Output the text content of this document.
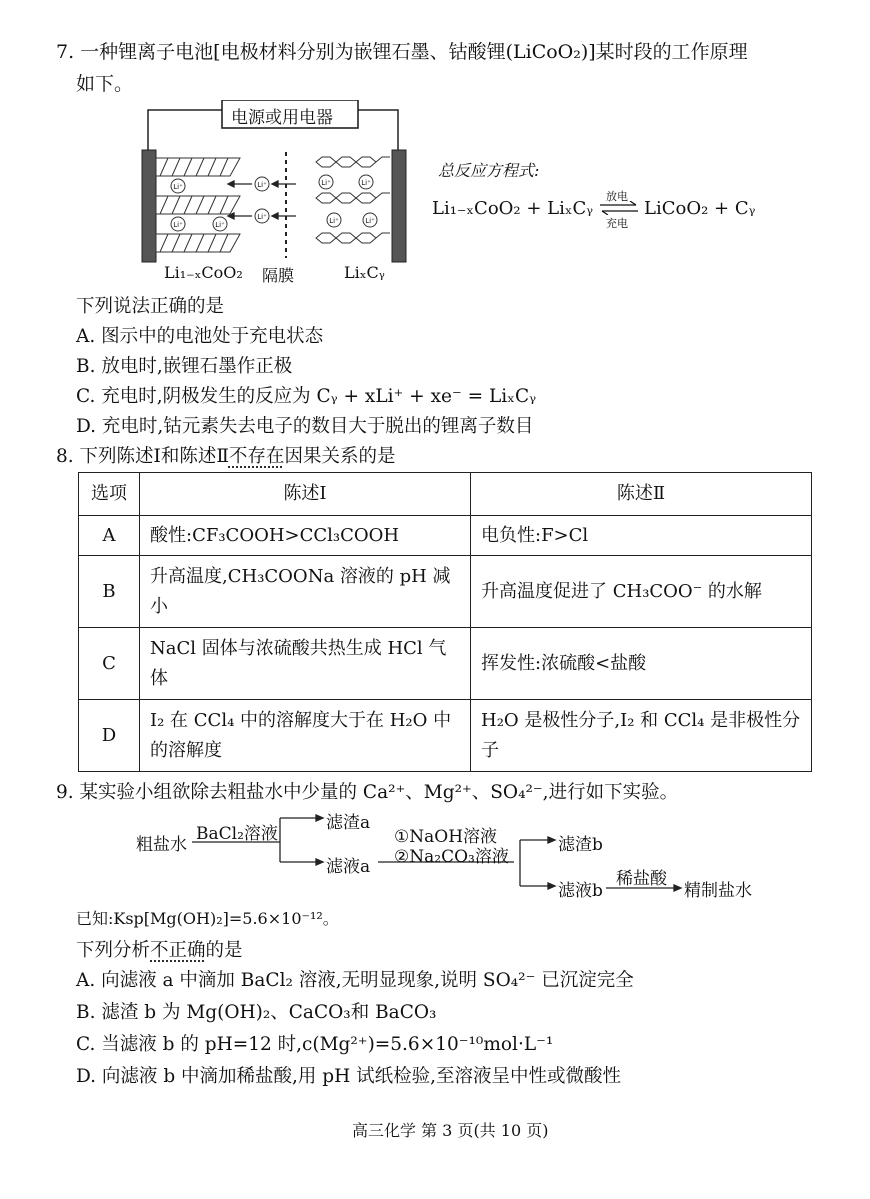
7. 一种锂离子电池[电极材料分别为嵌锂石墨、钴酸锂(LiCoO₂)]某时段的工作原理
如下。
Li⁺
Li⁺	Li⁺
Li⁺
Li⁺
Li⁺	Li⁺
Li⁺	Li⁺
电源或用电器
Li₁₋ₓCoO₂ 隔膜	LiₓCᵧ
总反应方程式:
Li₁₋ₓCoO₂ + LiₓCᵧ
放电
充电
LiCoO₂ + Cᵧ
下列说法正确的是
A. 图示中的电池处于充电状态
B. 放电时,嵌锂石墨作正极
C. 充电时,阴极发生的反应为 Cᵧ + xLi⁺ + xe⁻ = LiₓCᵧ
D. 充电时,钴元素失去电子的数目大于脱出的锂离子数目
8. 下列陈述Ⅰ和陈述Ⅱ不存在因果关系的是
选项	陈述Ⅰ	陈述Ⅱ
A	酸性:CF₃COOH>CCl₃COOH	电负性:F>Cl
B	升高温度,CH₃COONa 溶液的 pH 减小	升高温度促进了 CH₃COO⁻ 的水解
C	NaCl 固体与浓硫酸共热生成 HCl 气体	挥发性:浓硫酸<盐酸
D	I₂ 在 CCl₄ 中的溶解度大于在 H₂O 中的溶解度	H₂O 是极性分子,I₂ 和 CCl₄ 是非极性分子
9. 某实验小组欲除去粗盐水中少量的 Ca²⁺、Mg²⁺、SO₄²⁻,进行如下实验。
粗盐水
BaCl₂溶液
滤渣a
滤液a
①NaOH溶液
②Na₂CO₃溶液
滤渣b
滤液b
稀盐酸
精制盐水
已知:Ksp[Mg(OH)₂]=5.6×10⁻¹²。
下列分析不正确的是
A. 向滤液 a 中滴加 BaCl₂ 溶液,无明显现象,说明 SO₄²⁻ 已沉淀完全
B. 滤渣 b 为 Mg(OH)₂、CaCO₃和 BaCO₃
C. 当滤液 b 的 pH=12 时,c(Mg²⁺)=5.6×10⁻¹⁰mol·L⁻¹
D. 向滤液 b 中滴加稀盐酸,用 pH 试纸检验,至溶液呈中性或微酸性
高三化学 第 3 页(共 10 页)
